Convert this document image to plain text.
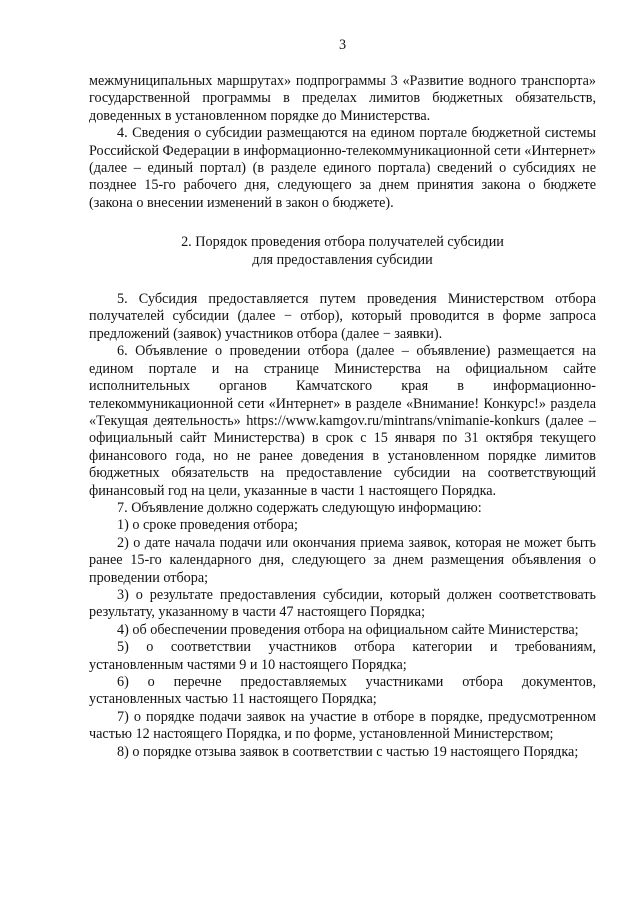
3

межмуниципальных маршрутах» подпрограммы 3 «Развитие водного транспорта» государственной программы в пределах лимитов бюджетных обязательств, доведенных в установленном порядке до Министерства.

4. Сведения о субсидии размещаются на едином портале бюджетной системы Российской Федерации в информационно-телекоммуникационной сети «Интернет» (далее – единый портал) (в разделе единого портала) сведений о субсидиях не позднее 15-го рабочего дня, следующего за днем принятия закона о бюджете (закона о внесении изменений в закон о бюджете).

2. Порядок проведения отбора получателей субсидии
для предоставления субсидии

5. Субсидия предоставляется путем проведения Министерством отбора получателей субсидии (далее − отбор), который проводится в форме запроса предложений (заявок) участников отбора (далее − заявки).

6. Объявление о проведении отбора (далее – объявление) размещается на едином портале и на странице Министерства на официальном сайте исполнительных органов Камчатского края в информационно-телекоммуникационной сети «Интернет» в разделе «Внимание! Конкурс!» раздела «Текущая деятельность» https://www.kamgov.ru/mintrans/vnimanie-konkurs (далее – официальный сайт Министерства) в срок с 15 января по 31 октября текущего финансового года, но не ранее доведения в установленном порядке лимитов бюджетных обязательств на предоставление субсидии на соответствующий финансовый год на цели, указанные в части 1 настоящего Порядка.

7. Объявление должно содержать следующую информацию:

1) о сроке проведения отбора;

2) о дате начала подачи или окончания приема заявок, которая не может быть ранее 15-го календарного дня, следующего за днем размещения объявления о проведении отбора;

3) о результате предоставления субсидии, который должен соответствовать результату, указанному в части 47 настоящего Порядка;

4) об обеспечении проведения отбора на официальном сайте Министерства;

5) о соответствии участников отбора категории и требованиям, установленным частями 9 и 10 настоящего Порядка;

6) о перечне предоставляемых участниками отбора документов, установленных частью 11 настоящего Порядка;

7) о порядке подачи заявок на участие в отборе в порядке, предусмотренном частью 12 настоящего Порядка, и по форме, установленной Министерством;

8) о порядке отзыва заявок в соответствии с частью 19 настоящего Порядка;
